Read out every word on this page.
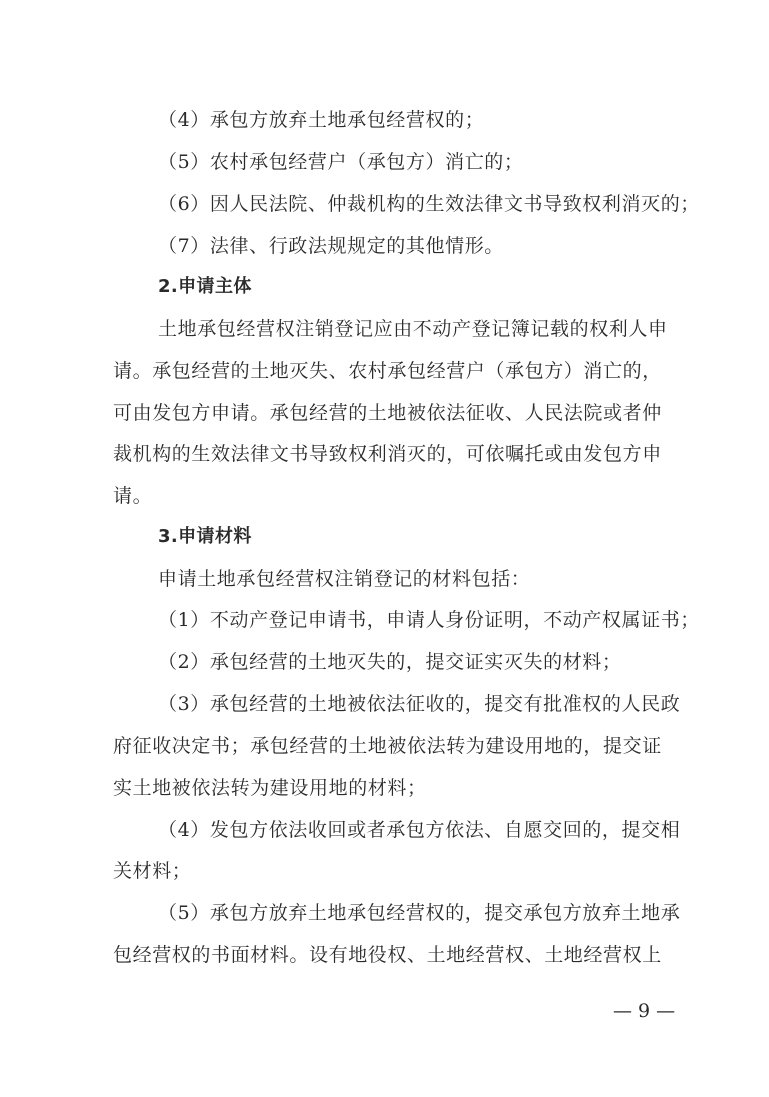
（4）承包方放弃土地承包经营权的；
（5）农村承包经营户（承包方）消亡的；
（6）因人民法院、仲裁机构的生效法律文书导致权利消灭的；
（7）法律、行政法规规定的其他情形。
2.申请主体
土地承包经营权注销登记应由不动产登记簿记载的权利人申
请。承包经营的土地灭失、农村承包经营户（承包方）消亡的，
可由发包方申请。承包经营的土地被依法征收、人民法院或者仲
裁机构的生效法律文书导致权利消灭的，可依嘱托或由发包方申
请。
3.申请材料
申请土地承包经营权注销登记的材料包括：
（1）不动产登记申请书，申请人身份证明，不动产权属证书；
（2）承包经营的土地灭失的，提交证实灭失的材料；
（3）承包经营的土地被依法征收的，提交有批准权的人民政
府征收决定书；承包经营的土地被依法转为建设用地的，提交证
实土地被依法转为建设用地的材料；
（4）发包方依法收回或者承包方依法、自愿交回的，提交相
关材料；
（5）承包方放弃土地承包经营权的，提交承包方放弃土地承
包经营权的书面材料。设有地役权、土地经营权、土地经营权上
— 9 —
